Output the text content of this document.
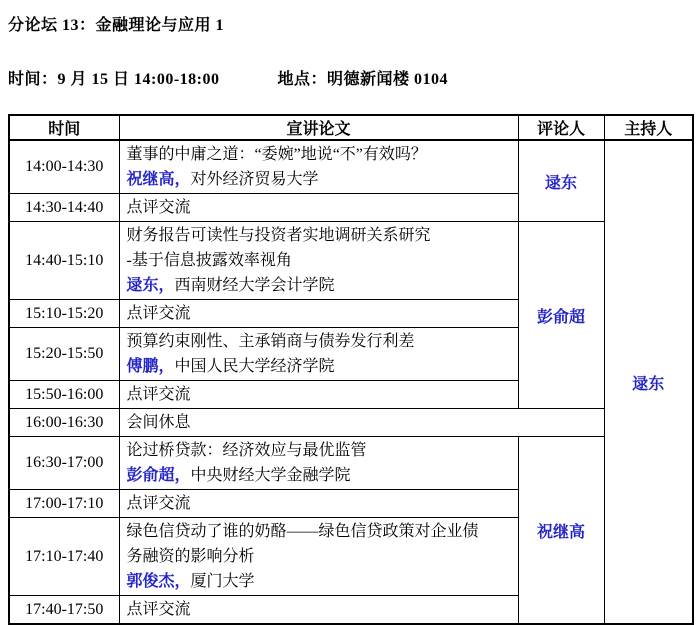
分论坛 13：金融理论与应用 1
时间：9 月 15 日 14:00-18:00	地点：明德新闻楼 0104
时间	宣讲论文	评论人	主持人
14:00-14:30	董事的中庸之道：“委婉”地说“不”有效吗？
祝继高，对外经济贸易大学	逯东	逯东
14:30-14:40	点评交流		
14:40-15:10	财务报告可读性与投资者实地调研关系研究
-基于信息披露效率视角
逯东，西南财经大学会计学院	彭俞超	
15:10-15:20	点评交流		
15:20-15:50	预算约束刚性、主承销商与债券发行利差
傅鹏，中国人民大学经济学院		

15:50-16:00	点评交流		
16:00-16:30	会间休息		
16:30-17:00	论过桥贷款：经济效应与最优监管
彭俞超，中央财经大学金融学院	祝继高	
17:00-17:10	点评交流		
17:10-17:40	绿色信贷动了谁的奶酪——绿色信贷政策对企业债务融资的影响分析
郭俊杰，厦门大学		

17:40-17:50	点评交流		
